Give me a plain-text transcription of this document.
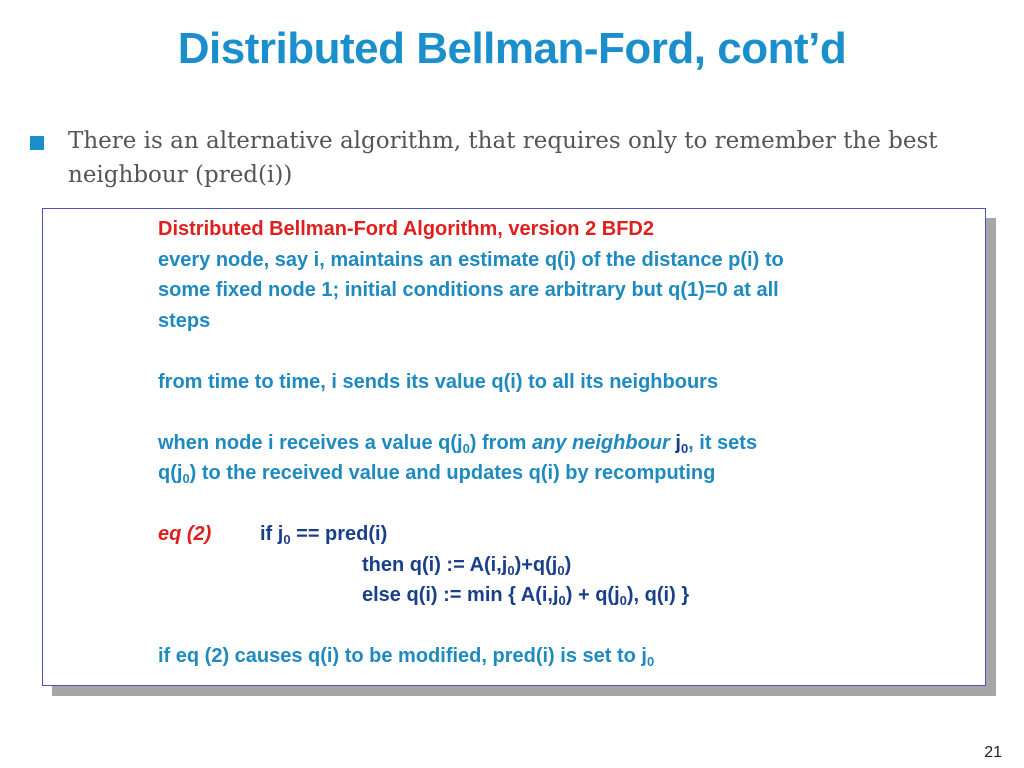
Distributed Bellman-Ford, cont’d
There is an alternative algorithm, that requires only to remember the best neighbour (pred(i))
Distributed Bellman-Ford Algorithm, version 2 BFD2
every node, say i, maintains an estimate q(i) of the distance p(i) to
some fixed node 1; initial conditions are arbitrary but q(1)=0 at all
steps
from time to time, i sends its value q(i) to all its neighbours
when node i receives a value $q(j_0)$ from any neighbour $j_0$, it sets
$q(j_0)$ to the received value and updates q(i) by recomputing
eq (2) if $j_0$ == pred(i)
then q(i) := $A(i,j_0)+q(j_0)$
else q(i) := min { $A(i,j_0) + q(j_0)$, q(i) }
if eq (2) causes q(i) to be modified, pred(i) is set to $j_0$
21
